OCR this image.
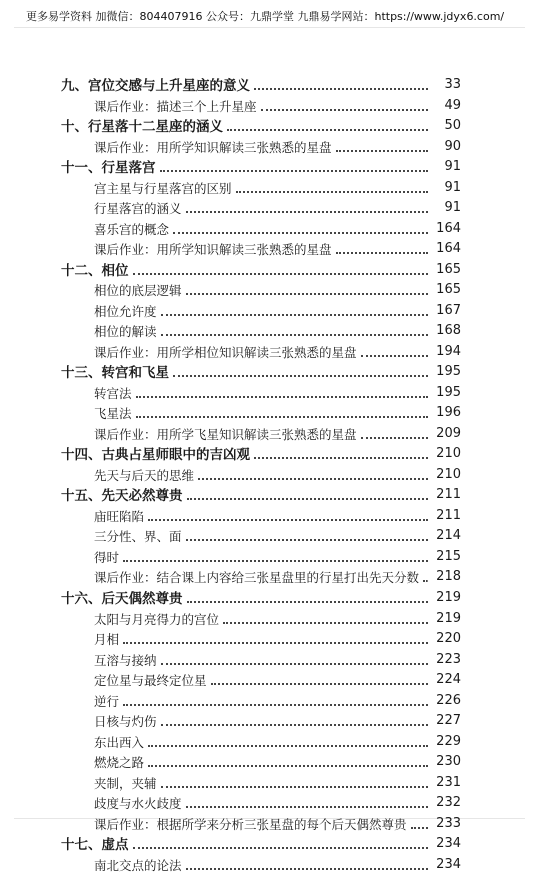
更多易学资料 加微信：804407916 公众号：九鼎学堂 九鼎易学网站：https://www.jdyx6.com/
九、宫位交感与上升星座的意义	33
课后作业：描述三个上升星座	49
十、行星落十二星座的涵义	50
课后作业：用所学知识解读三张熟悉的星盘	90
十一、行星落宫	91
宫主星与行星落宫的区别	91
行星落宫的涵义	91
喜乐宫的概念	164
课后作业：用所学知识解读三张熟悉的星盘	164
十二、相位	165
相位的底层逻辑	165
相位允许度	167
相位的解读	168
课后作业：用所学相位知识解读三张熟悉的星盘	194
十三、转宫和飞星	195
转宫法	195
飞星法	196
课后作业：用所学飞星知识解读三张熟悉的星盘	209
十四、古典占星师眼中的吉凶观	210
先天与后天的思维	210
十五、先天必然尊贵	211
庙旺陷陷	211
三分性、界、面	214
得时	215
课后作业：结合课上内容给三张星盘里的行星打出先天分数	218
十六、后天偶然尊贵	219
太阳与月亮得力的宫位	219
月相	220
互溶与接纳	223
定位星与最终定位星	224
逆行	226
日核与灼伤	227
东出西入	229
燃烧之路	230
夹制，夹辅	231
歧度与水火歧度	232
课后作业：根据所学来分析三张星盘的每个后天偶然尊贵	233
十七、虚点	234
南北交点的论法	234
